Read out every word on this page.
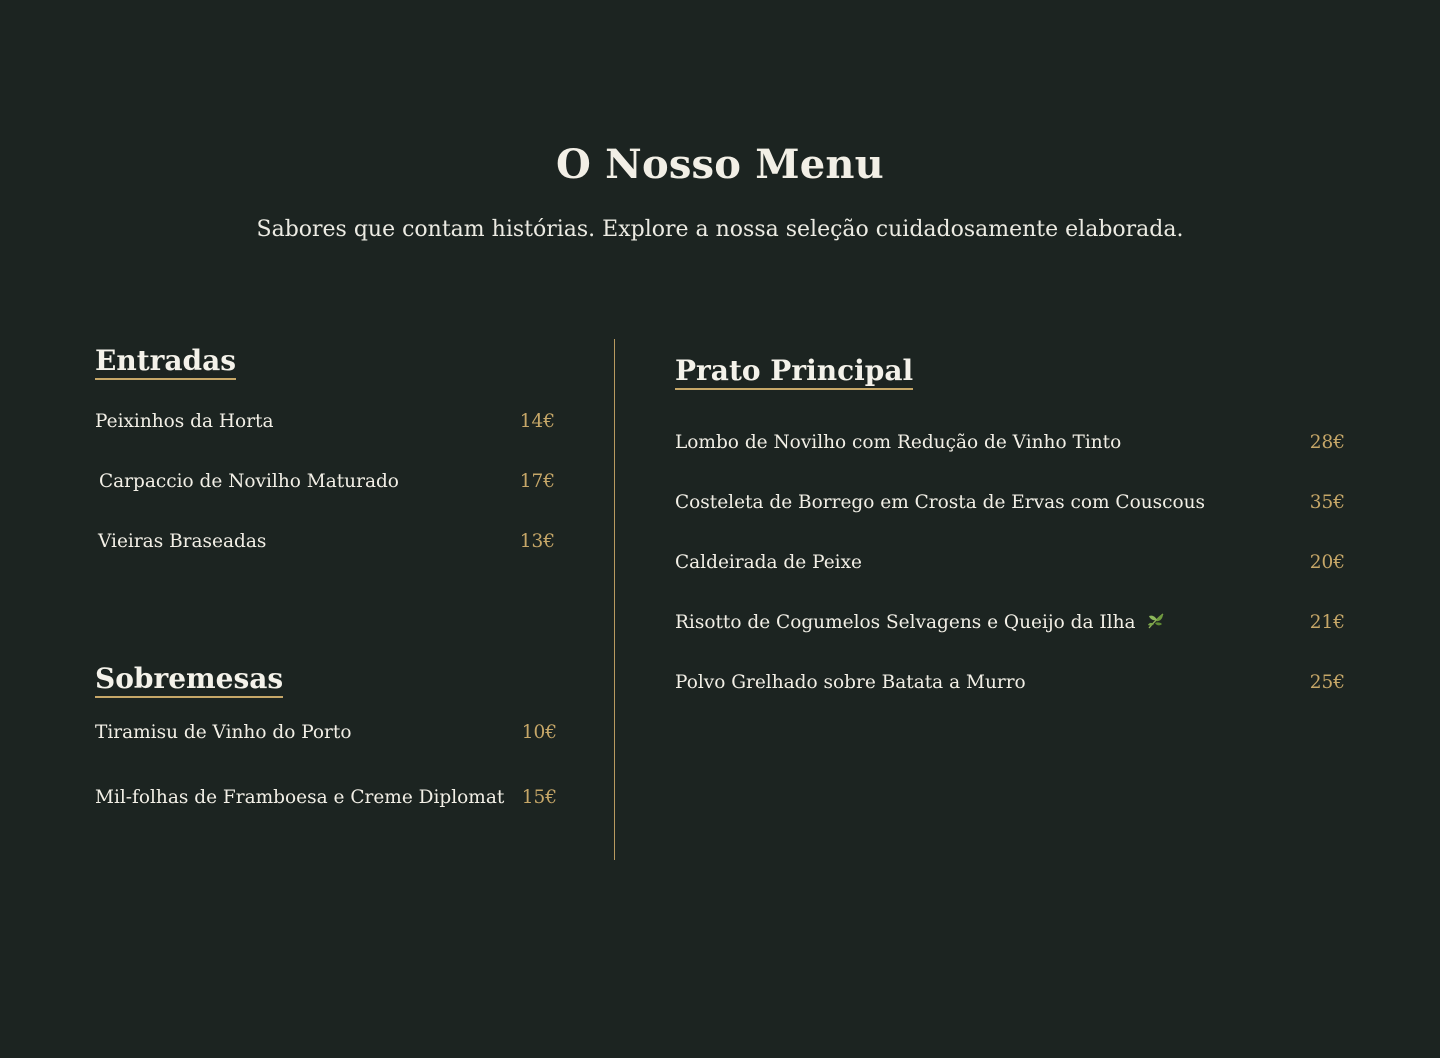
O Nosso Menu

Sabores que contam histórias. Explore a nossa seleção cuidadosamente elaborada.

Entradas
Peixinhos da Horta	14€
Carpaccio de Novilho Maturado	17€
Vieiras Braseadas	13€
Sobremesas
Tiramisu de Vinho do Porto	10€
Mil-folhas de Framboesa e Creme Diplomat 15€
Prato Principal
Lombo de Novilho com Redução de Vinho Tinto	28€
Costeleta de Borrego em Crosta de Ervas com Couscous	35€
Caldeirada de Peixe	20€
Risotto de Cogumelos Selvagens e Queijo da Ilha	21€
Polvo Grelhado sobre Batata a Murro	25€
